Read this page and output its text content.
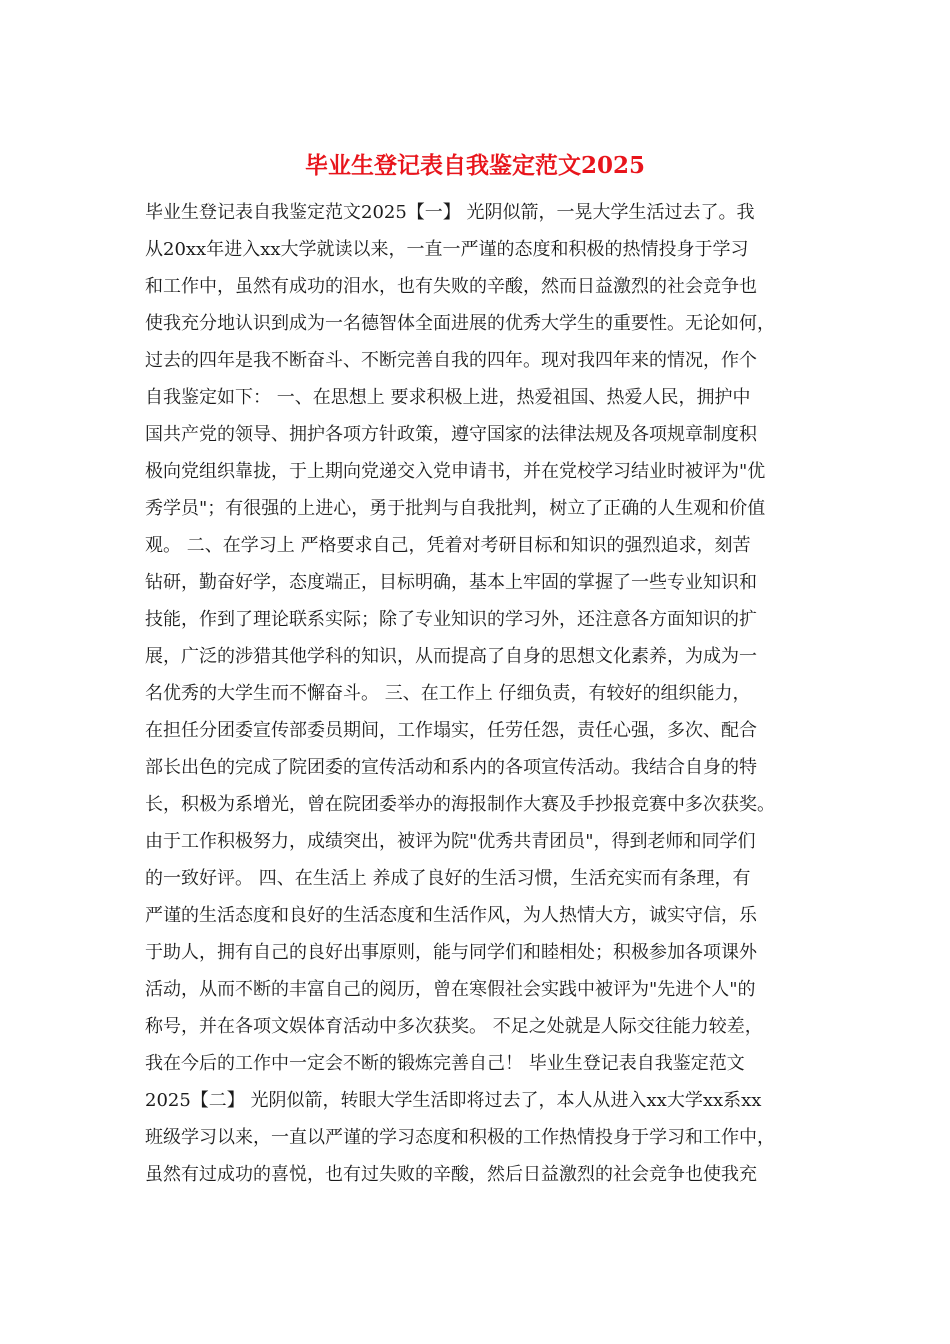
毕业生登记表自我鉴定范文2025
毕业生登记表自我鉴定范文2025【一】 光阴似箭，一晃大学生活过去了。我
从20xx年进入xx大学就读以来，一直一严谨的态度和积极的热情投身于学习
和工作中，虽然有成功的泪水，也有失败的辛酸，然而日益激烈的社会竞争也
使我充分地认识到成为一名德智体全面进展的优秀大学生的重要性。无论如何，
过去的四年是我不断奋斗、不断完善自我的四年。现对我四年来的情况，作个
自我鉴定如下： 一、在思想上 要求积极上进，热爱祖国、热爱人民，拥护中
国共产党的领导、拥护各项方针政策，遵守国家的法律法规及各项规章制度积
极向党组织靠拢，于上期向党递交入党申请书，并在党校学习结业时被评为"优
秀学员"；有很强的上进心，勇于批判与自我批判，树立了正确的人生观和价值
观。 二、在学习上 严格要求自己，凭着对考研目标和知识的强烈追求，刻苦
钻研，勤奋好学，态度端正，目标明确，基本上牢固的掌握了一些专业知识和
技能，作到了理论联系实际；除了专业知识的学习外，还注意各方面知识的扩
展，广泛的涉猎其他学科的知识，从而提高了自身的思想文化素养，为成为一
名优秀的大学生而不懈奋斗。 三、在工作上 仔细负责，有较好的组织能力，
在担任分团委宣传部委员期间，工作塌实，任劳任怨，责任心强，多次、配合
部长出色的完成了院团委的宣传活动和系内的各项宣传活动。我结合自身的特
长，积极为系增光，曾在院团委举办的海报制作大赛及手抄报竞赛中多次获奖。
由于工作积极努力，成绩突出，被评为院"优秀共青团员"，得到老师和同学们
的一致好评。 四、在生活上 养成了良好的生活习惯，生活充实而有条理，有
严谨的生活态度和良好的生活态度和生活作风，为人热情大方，诚实守信，乐
于助人，拥有自己的良好出事原则，能与同学们和睦相处；积极参加各项课外
活动，从而不断的丰富自己的阅历，曾在寒假社会实践中被评为"先进个人"的
称号，并在各项文娱体育活动中多次获奖。 不足之处就是人际交往能力较差，
我在今后的工作中一定会不断的锻炼完善自己！ 毕业生登记表自我鉴定范文
2025【二】 光阴似箭，转眼大学生活即将过去了，本人从进入xx大学xx系xx
班级学习以来，一直以严谨的学习态度和积极的工作热情投身于学习和工作中，
虽然有过成功的喜悦，也有过失败的辛酸，然后日益激烈的社会竞争也使我充
